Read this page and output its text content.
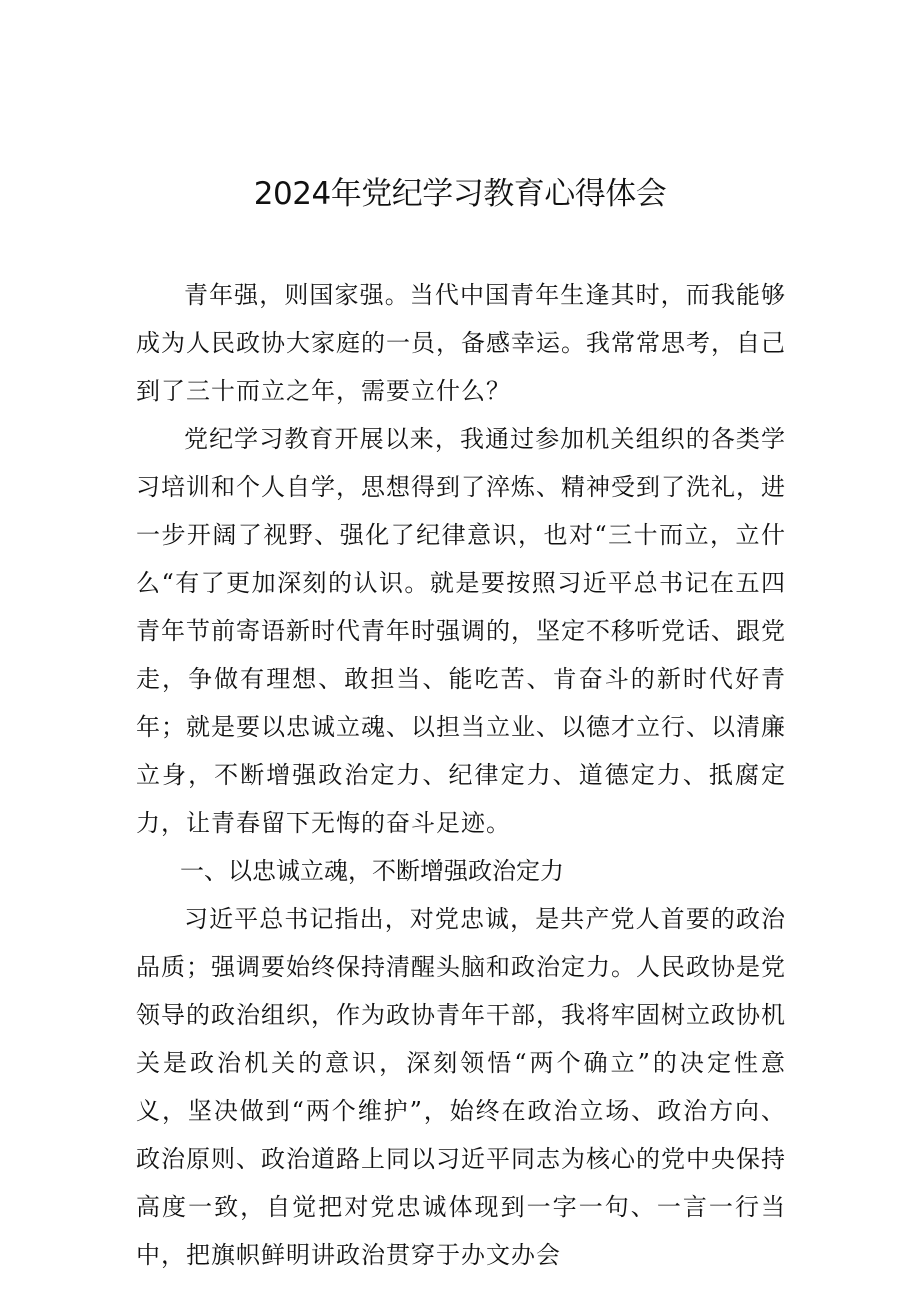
2024年党纪学习教育心得体会

青年强，则国家强。当代中国青年生逢其时，而我能够成为人民政协大家庭的一员，备感幸运。我常常思考，自己到了三十而立之年，需要立什么？

党纪学习教育开展以来，我通过参加机关组织的各类学习培训和个人自学，思想得到了淬炼、精神受到了洗礼，进一步开阔了视野、强化了纪律意识，也对“三十而立，立什么“有了更加深刻的认识。就是要按照习近平总书记在五四青年节前寄语新时代青年时强调的，坚定不移听党话、跟党走，争做有理想、敢担当、能吃苦、肯奋斗的新时代好青年；就是要以忠诚立魂、以担当立业、以德才立行、以清廉立身，不断增强政治定力、纪律定力、道德定力、抵腐定力，让青春留下无悔的奋斗足迹。

一、以忠诚立魂，不断增强政治定力

习近平总书记指出，对党忠诚，是共产党人首要的政治品质；强调要始终保持清醒头脑和政治定力。人民政协是党领导的政治组织，作为政协青年干部，我将牢固树立政协机关是政治机关的意识，深刻领悟“两个确立”的决定性意义，坚决做到“两个维护”，始终在政治立场、政治方向、政治原则、政治道路上同以习近平同志为核心的党中央保持高度一致，自觉把对党忠诚体现到一字一句、一言一行当中，把旗帜鲜明讲政治贯穿于办文办会
